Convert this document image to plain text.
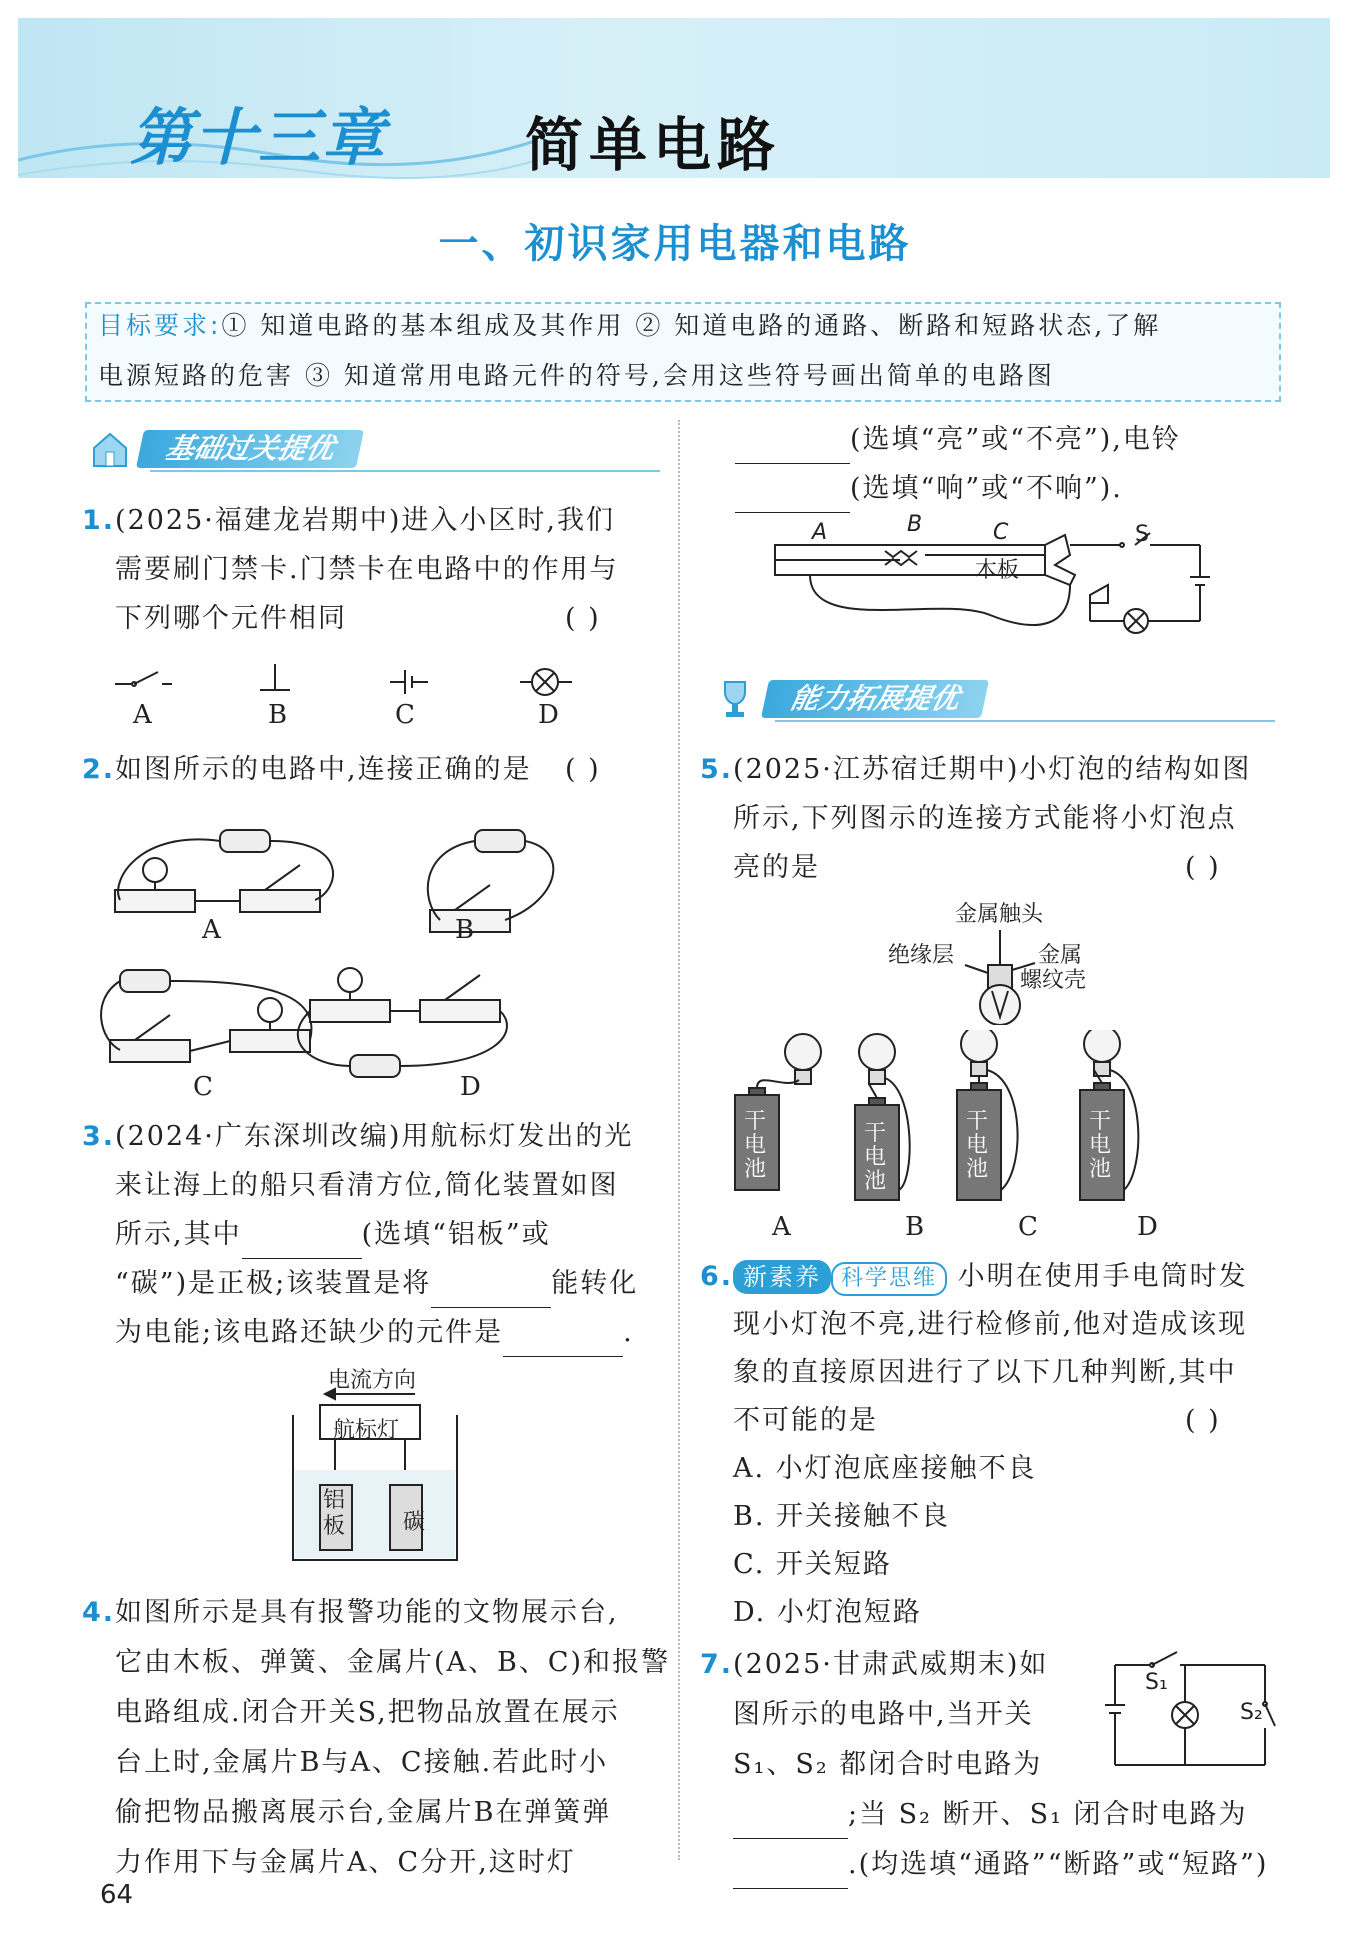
第十三章 简单电路
一、初识家用电器和电路
目标要求:① 知道电路的基本组成及其作用 ② 知道电路的通路、断路和短路状态,了解
电源短路的危害 ③ 知道常用电路元件的符号,会用这些符号画出简单的电路图
基础过关提优
1.(2025·福建龙岩期中)进入小区时,我们
需要刷门禁卡.门禁卡在电路中的作用与
下列哪个元件相同	( )
A	B	C	D
2.如图所示的电路中,连接正确的是 ( )
A	B
C	D
3.(2024·广东深圳改编)用航标灯发出的光
来让海上的船只看清方位,简化装置如图
所示,其中	(选填“铝板”或
“碳”)是正极;该装置是将	能转化
为电能;该电路还缺少的元件是	.
电流方向
航标灯
铝板	碳
4.如图所示是具有报警功能的文物展示台,
它由木板、弹簧、金属片(A、B、C)和报警
电路组成.闭合开关S,把物品放置在展示
台上时,金属片B与A、C接触.若此时小
偷把物品搬离展示台,金属片B在弹簧弹
力作用下与金属片A、C分开,这时灯
64
(选填“亮”或“不亮”),电铃
(选填“响”或“不响”).
A	B	C
木板
S
能力拓展提优
5.(2025·江苏宿迁期中)小灯泡的结构如图
所示,下列图示的连接方式能将小灯泡点
亮的是	( )
金属触头
绝缘层	金属
螺纹壳
干电池
干电池
干电池
干电池
A	B	C	D
6. 新素养 科学思维 小明在使用手电筒时发
现小灯泡不亮,进行检修前,他对造成该现
象的直接原因进行了以下几种判断,其中
不可能的是	( )
A. 小灯泡底座接触不良
B. 开关接触不良
C. 开关短路
D. 小灯泡短路
7.(2025·甘肃武威期末)如
图所示的电路中,当开关
S₁、S₂ 都闭合时电路为
;当 S₂ 断开、S₁ 闭合时电路为
.(均选填“通路”“断路”或“短路”)
S₁
S₂
